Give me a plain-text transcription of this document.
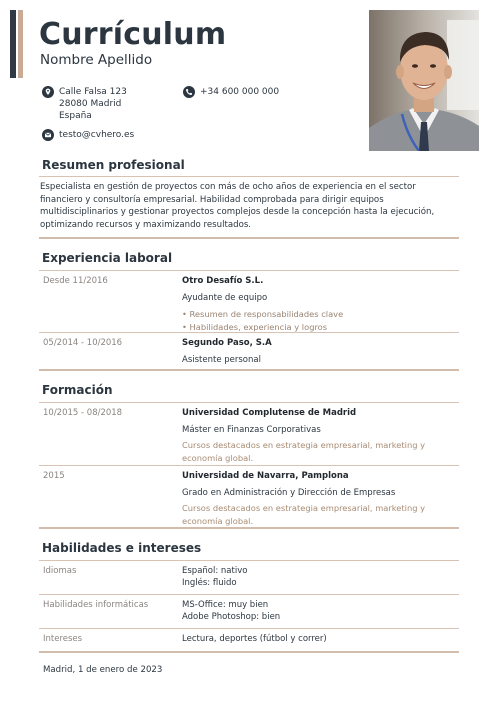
Currículum
Nombre Apellido
Calle Falsa 123
28080 Madrid
España
+34 600 000 000
testo@cvhero.es
Resumen profesional
Especialista en gestión de proyectos con más de ocho años de experiencia en el sector financiero y consultoría empresarial. Habilidad comprobada para dirigir equipos multidisciplinarios y gestionar proyectos complejos desde la concepción hasta la ejecución, optimizando recursos y maximizando resultados.
Experiencia laboral
Desde 11/2016	Otro Desafío S.L.
Ayudante de equipo
• Resumen de responsabilidades clave
• Habilidades, experiencia y logros
05/2014 - 10/2016	Segundo Paso, S.A
Asistente personal
Formación
10/2015 - 08/2018	Universidad Complutense de Madrid
Máster en Finanzas Corporativas
Cursos destacados en estrategia empresarial, marketing y economía global.
2015	Universidad de Navarra, Pamplona
Grado en Administración y Dirección de Empresas
Cursos destacados en estrategia empresarial, marketing y economía global.
Habilidades e intereses
Idiomas	Español: nativo
Inglés: fluido
Habilidades informáticas	MS-Office: muy bien
Adobe Photoshop: bien
Intereses	Lectura, deportes (fútbol y correr)
Madrid, 1 de enero de 2023
